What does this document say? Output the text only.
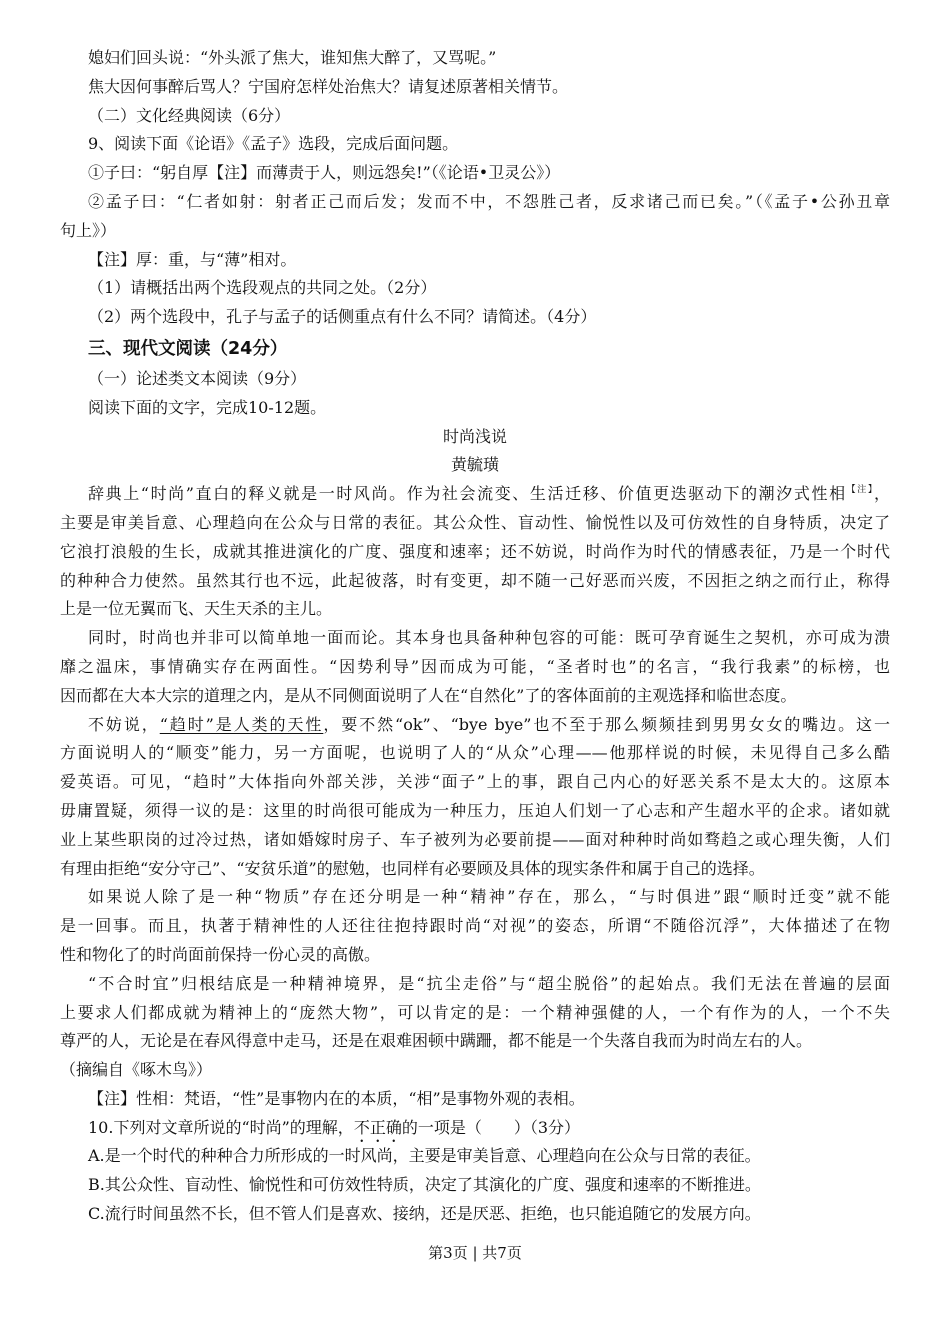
媳妇们回头说：“外头派了焦大，谁知焦大醉了，又骂呢。”
焦大因何事醉后骂人？宁国府怎样处治焦大？请复述原著相关情节。
（二）文化经典阅读（6分）
9、阅读下面《论语》《孟子》选段，完成后面问题。
①子曰：“躬自厚【注】而薄责于人，则远怨矣!”（《论语•卫灵公》）
②孟子曰：“仁者如射：射者正己而后发；发而不中，不怨胜己者，反求诸己而已矣。”（《孟子•公孙丑章
句上》）
【注】厚：重，与“薄”相对。
（1）请概括出两个选段观点的共同之处。（2分）
（2）两个选段中，孔子与孟子的话侧重点有什么不同？请简述。（4分）
三、现代文阅读（24分）
（一）论述类文本阅读（9分）
阅读下面的文字，完成10-12题。
时尚浅说
黄毓璜
辞典上“时尚”直白的释义就是一时风尚。作为社会流变、生活迁移、价值更迭驱动下的潮汐式性相$^{【注】}$，
主要是审美旨意、心理趋向在公众与日常的表征。其公众性、盲动性、愉悦性以及可仿效性的自身特质，决定了
它浪打浪般的生长，成就其推进演化的广度、强度和速率；还不妨说，时尚作为时代的情感表征，乃是一个时代
的种种合力使然。虽然其行也不远，此起彼落，时有变更，却不随一己好恶而兴废，不因拒之纳之而行止，称得
上是一位无翼而飞、天生天杀的主儿。
同时，时尚也并非可以简单地一面而论。其本身也具备种种包容的可能：既可孕育诞生之契机，亦可成为溃
靡之温床，事情确实存在两面性。“因势利导”因而成为可能，“圣者时也”的名言，“我行我素”的标榜，也
因而都在大本大宗的道理之内，是从不同侧面说明了人在“自然化”了的客体面前的主观选择和临世态度。
不妨说，“趋时”是人类的天性，要不然“ok”、“bye bye”也不至于那么频频挂到男男女女的嘴边。这一
方面说明人的“顺变”能力，另一方面呢，也说明了人的“从众”心理——他那样说的时候，未见得自己多么酷
爱英语。可见，“趋时”大体指向外部关涉，关涉“面子”上的事，跟自己内心的好恶关系不是太大的。这原本
毋庸置疑，须得一议的是：这里的时尚很可能成为一种压力，压迫人们划一了心志和产生超水平的企求。诸如就
业上某些职岗的过冷过热，诸如婚嫁时房子、车子被列为必要前提——面对种种时尚如骛趋之或心理失衡，人们
有理由拒绝“安分守己”、“安贫乐道”的慰勉，也同样有必要顾及具体的现实条件和属于自己的选择。
如果说人除了是一种“物质”存在还分明是一种“精神”存在，那么，“与时俱进”跟“顺时迁变”就不能
是一回事。而且，执著于精神性的人还往往抱持跟时尚“对视”的姿态，所谓“不随俗沉浮”，大体描述了在物
性和物化了的时尚面前保持一份心灵的高傲。
“不合时宜”归根结底是一种精神境界，是“抗尘走俗”与“超尘脱俗”的起始点。我们无法在普遍的层面
上要求人们都成就为精神上的“庞然大物”，可以肯定的是：一个精神强健的人，一个有作为的人，一个不失
尊严的人，无论是在春风得意中走马，还是在艰难困顿中蹒跚，都不能是一个失落自我而为时尚左右的人。
（摘编自《啄木鸟》）
【注】性相：梵语，“性”是事物内在的本质，“相”是事物外观的表相。
10.下列对文章所说的“时尚”的理解，不正确的一项是（　　）（3分）
A.是一个时代的种种合力所形成的一时风尚，主要是审美旨意、心理趋向在公众与日常的表征。
B.其公众性、盲动性、愉悦性和可仿效性特质，决定了其演化的广度、强度和速率的不断推进。
C.流行时间虽然不长，但不管人们是喜欢、接纳，还是厌恶、拒绝，也只能追随它的发展方向。
第3页 | 共7页
